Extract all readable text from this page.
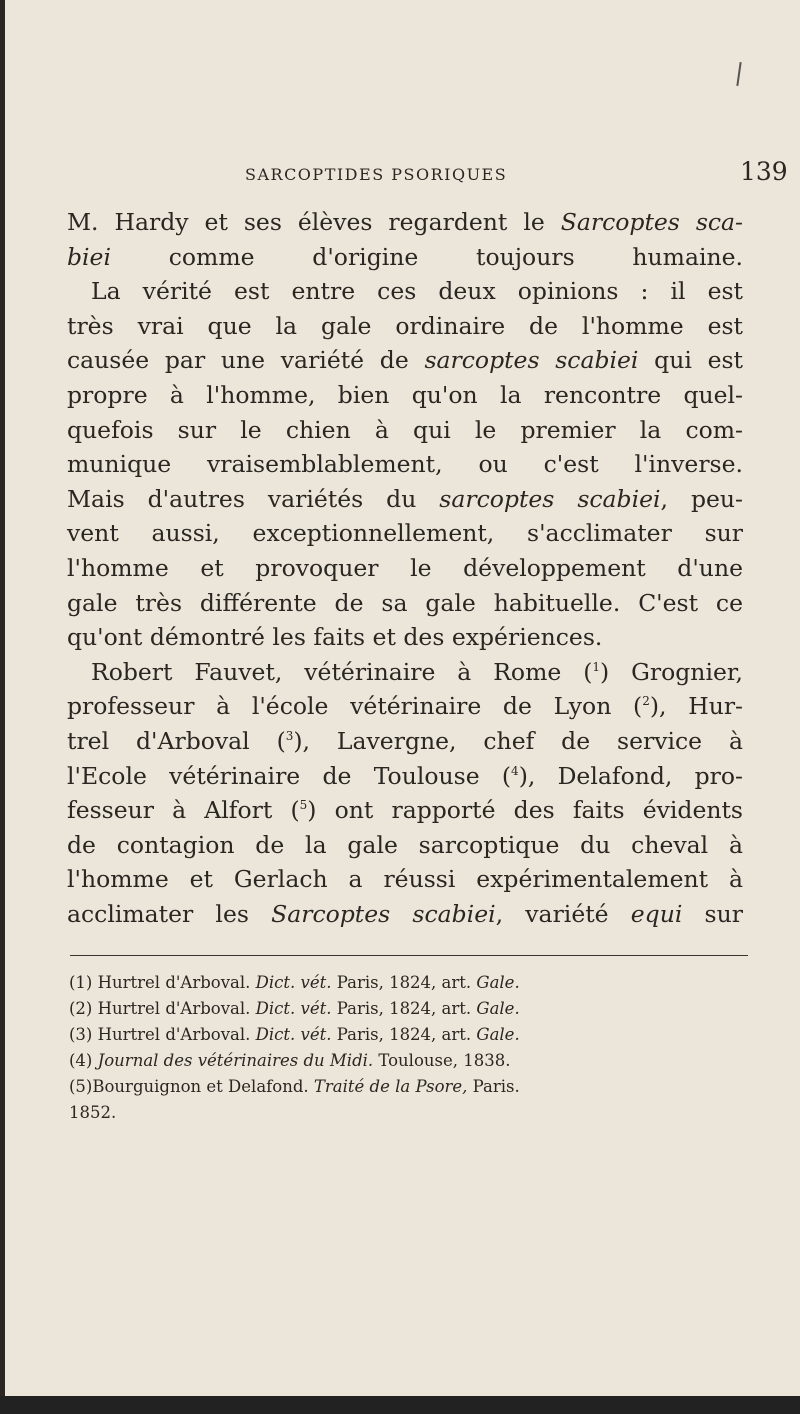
SARCOPTIDES PSORIQUES	139
M. Hardy et ses élèves regardent le Sarcoptes sca-
biei comme d'origine toujours humaine.
La vérité est entre ces deux opinions : il est
très vrai que la gale ordinaire de l'homme est
causée par une variété de sarcoptes scabiei qui est
propre à l'homme, bien qu'on la rencontre quel-
quefois sur le chien à qui le premier la com-
munique vraisemblablement, ou c'est l'inverse.
Mais d'autres variétés du sarcoptes scabiei, peu-
vent aussi, exceptionnellement, s'acclimater sur
l'homme et provoquer le développement d'une
gale très différente de sa gale habituelle. C'est ce
qu'ont démontré les faits et des expériences.
Robert Fauvet, vétérinaire à Rome ($^1$) Grognier,
professeur à l'école vétérinaire de Lyon ($^2$), Hur-
trel d'Arboval ($^3$), Lavergne, chef de service à
l'Ecole vétérinaire de Toulouse ($^4$), Delafond, pro-
fesseur à Alfort ($^5$) ont rapporté des faits évidents
de contagion de la gale sarcoptique du cheval à
l'homme et Gerlach a réussi expérimentalement à
acclimater les Sarcoptes scabiei, variété equi sur
(1) Hurtrel d'Arboval. Dict. vét. Paris, 1824, art. Gale.
(2) Hurtrel d'Arboval. Dict. vét. Paris, 1824, art. Gale.
(3) Hurtrel d'Arboval. Dict. vét. Paris, 1824, art. Gale.
(4) Journal des vétérinaires du Midi. Toulouse, 1838.
(5)Bourguignon et Delafond. Traité de la Psore, Paris.
1852.
